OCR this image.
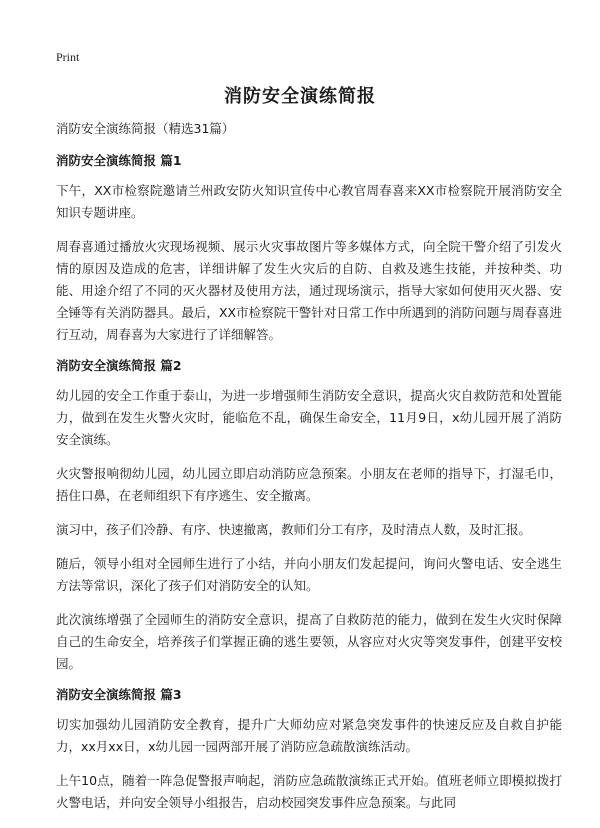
Print
消防安全演练简报
消防安全演练简报（精选31篇）
消防安全演练简报 篇1
下午，XX市检察院邀请兰州政安防火知识宣传中心教官周春喜来XX市检察院开展消防安全知识专题讲座。
周春喜通过播放火灾现场视频、展示火灾事故图片等多媒体方式，向全院干警介绍了引发火情的原因及造成的危害，详细讲解了发生火灾后的自防、自救及逃生技能，并按种类、功能、用途介绍了不同的灭火器材及使用方法，通过现场演示，指导大家如何使用灭火器、安全锤等有关消防器具。最后，XX市检察院干警针对日常工作中所遇到的消防问题与周春喜进行互动，周春喜为大家进行了详细解答。
消防安全演练简报 篇2
幼儿园的安全工作重于泰山，为进一步增强师生消防安全意识，提高火灾自救防范和处置能力，做到在发生火警火灾时，能临危不乱，确保生命安全，11月9日，x幼儿园开展了消防安全演练。
火灾警报响彻幼儿园，幼儿园立即启动消防应急预案。小朋友在老师的指导下，打湿毛巾，捂住口鼻，在老师组织下有序逃生、安全撤离。
演习中，孩子们冷静、有序、快速撤离，教师们分工有序，及时清点人数，及时汇报。
随后，领导小组对全园师生进行了小结，并向小朋友们发起提问，询问火警电话、安全逃生方法等常识，深化了孩子们对消防安全的认知。
此次演练增强了全园师生的消防安全意识，提高了自救防范的能力，做到在发生火灾时保障自己的生命安全，培养孩子们掌握正确的逃生要领，从容应对火灾等突发事件，创建平安校园。
消防安全演练简报 篇3
切实加强幼儿园消防安全教育，提升广大师幼应对紧急突发事件的快速反应及自救自护能力，xx月xx日，x幼儿园一园两部开展了消防应急疏散演练活动。
上午10点，随着一阵急促警报声响起，消防应急疏散演练正式开始。值班老师立即模拟拨打火警电话，并向安全领导小组报告，启动校园突发事件应急预案。与此同
